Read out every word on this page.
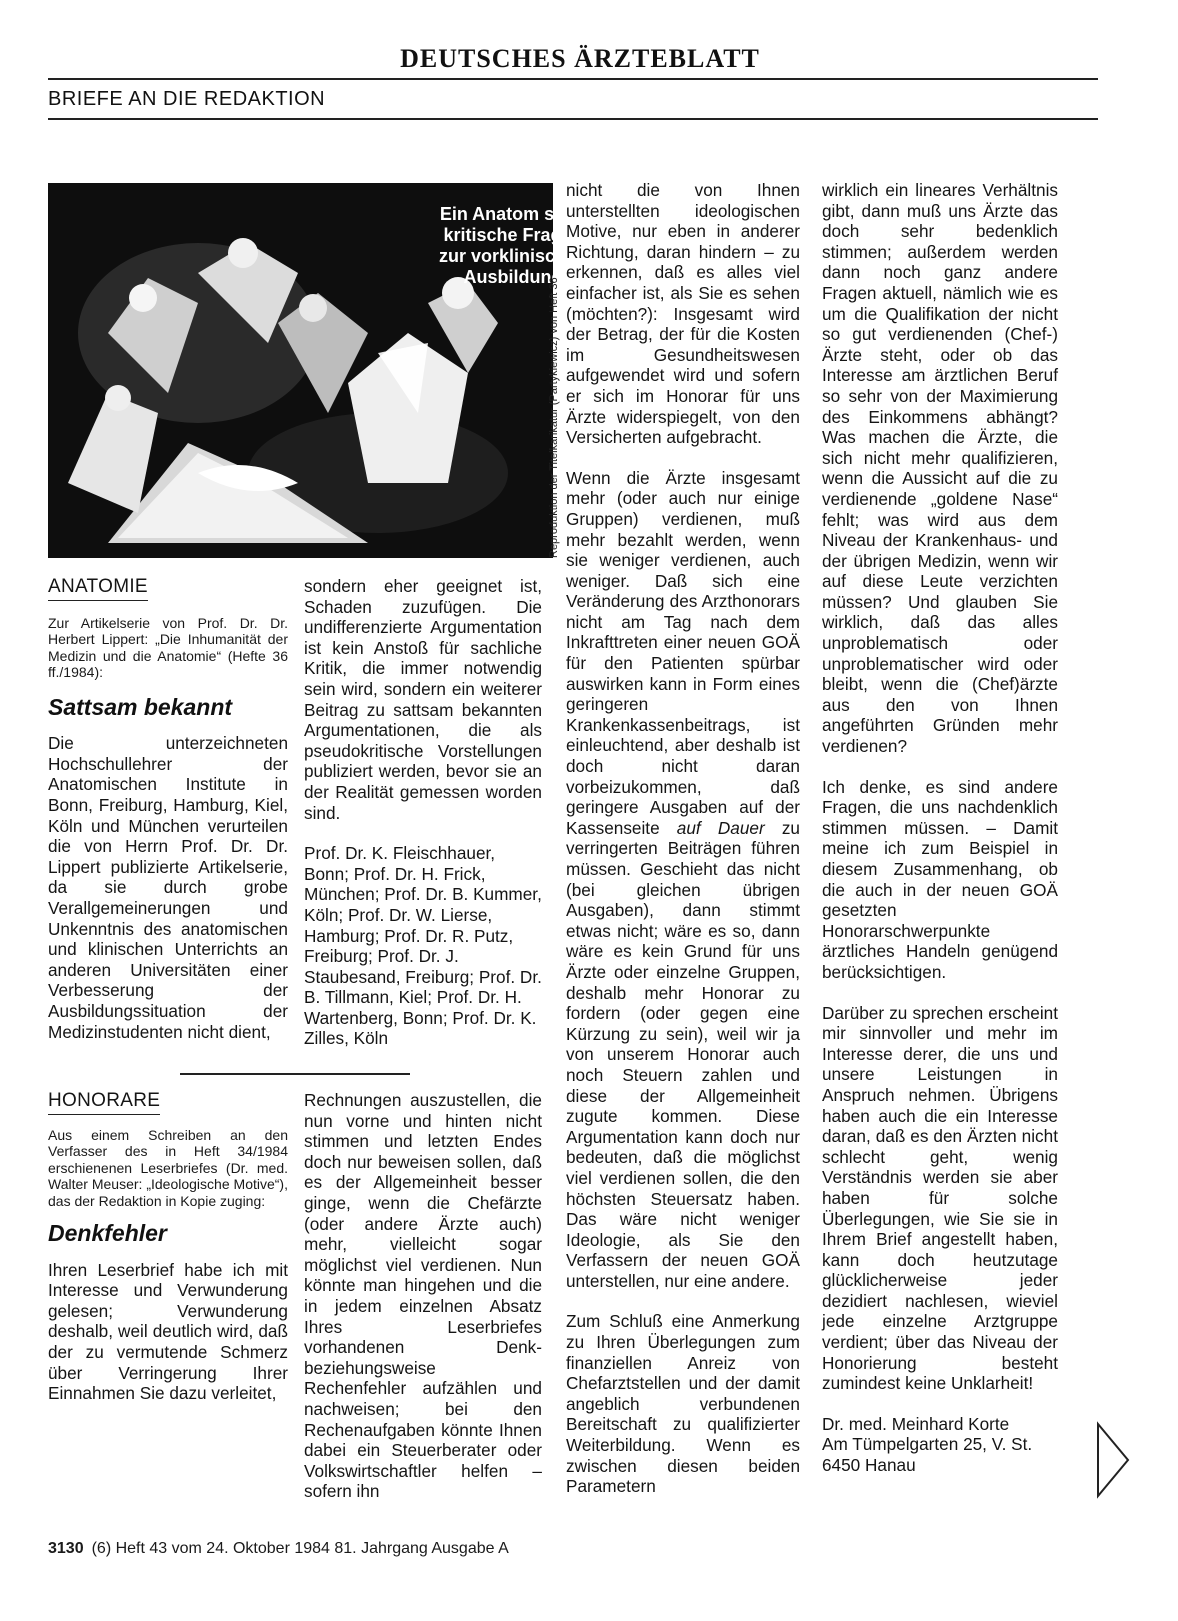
DEUTSCHES ÄRZTEBLATT
BRIEFE AN DIE REDAKTION
Ein Anatom stellt kritische Fragen zur vorklinischen Ausbildung
Reproduktion der Titelkarikatur (Partykiewicz) von Heft 36
ANATOMIE

Zur Artikelserie von Prof. Dr. Dr. Herbert Lippert: „Die Inhumanität der Medizin und die Anatomie“ (Hefte 36 ff./1984):

Sattsam bekannt

Die unterzeichneten Hochschullehrer der Anatomischen Institute in Bonn, Freiburg, Hamburg, Kiel, Köln und München verurteilen die von Herrn Prof. Dr. Dr. Lippert publizierte Artikelserie, da sie durch grobe Verallgemeinerungen und Unkenntnis des anatomischen und klinischen Unterrichts an anderen Universitäten einer Verbesserung der Ausbildungssituation der Medizinstudenten nicht dient,

sondern eher geeignet ist, Schaden zuzufügen. Die undifferenzierte Argumentation ist kein Anstoß für sachliche Kritik, die immer notwendig sein wird, sondern ein weiterer Beitrag zu sattsam bekannten Argumentationen, die als pseudokritische Vorstellungen publiziert werden, bevor sie an der Realität gemessen worden sind.

Prof. Dr. K. Fleischhauer, Bonn; Prof. Dr. H. Frick, München; Prof. Dr. B. Kummer, Köln; Prof. Dr. W. Lierse, Hamburg; Prof. Dr. R. Putz, Freiburg; Prof. Dr. J. Staubesand, Freiburg; Prof. Dr. B. Tillmann, Kiel; Prof. Dr. H. Wartenberg, Bonn; Prof. Dr. K. Zilles, Köln

HONORARE

Aus einem Schreiben an den Verfasser des in Heft 34/1984 erschienenen Leserbriefes (Dr. med. Walter Meuser: „Ideologische Motive“), das der Redaktion in Kopie zuging:

Denkfehler

Ihren Leserbrief habe ich mit Interesse und Verwunderung gelesen; Verwunderung deshalb, weil deutlich wird, daß der zu vermutende Schmerz über Verringerung Ihrer Einnahmen Sie dazu verleitet,

Rechnungen auszustellen, die nun vorne und hinten nicht stimmen und letzten Endes doch nur beweisen sollen, daß es der Allgemeinheit besser ginge, wenn die Chefärzte (oder andere Ärzte auch) mehr, vielleicht sogar möglichst viel verdienen. Nun könnte man hingehen und die in jedem einzelnen Absatz Ihres Leserbriefes vorhandenen Denk- beziehungsweise Rechenfehler aufzählen und nachweisen; bei den Rechenaufgaben könnte Ihnen dabei ein Steuerberater oder Volkswirtschaftler helfen – sofern ihn

nicht die von Ihnen unterstellten ideologischen Motive, nur eben in anderer Richtung, daran hindern – zu erkennen, daß es alles viel einfacher ist, als Sie es sehen (möchten?): Insgesamt wird der Betrag, der für die Kosten im Gesundheitswesen aufgewendet wird und sofern er sich im Honorar für uns Ärzte widerspiegelt, von den Versicherten aufgebracht.

Wenn die Ärzte insgesamt mehr (oder auch nur einige Gruppen) verdienen, muß mehr bezahlt werden, wenn sie weniger verdienen, auch weniger. Daß sich eine Veränderung des Arzthonorars nicht am Tag nach dem Inkrafttreten einer neuen GOÄ für den Patienten spürbar auswirken kann in Form eines geringeren Krankenkassenbeitrags, ist einleuchtend, aber deshalb ist doch nicht daran vorbeizukommen, daß geringere Ausgaben auf der Kassenseite auf Dauer zu verringerten Beiträgen führen müssen. Geschieht das nicht (bei gleichen übrigen Ausgaben), dann stimmt etwas nicht; wäre es so, dann wäre es kein Grund für uns Ärzte oder einzelne Gruppen, deshalb mehr Honorar zu fordern (oder gegen eine Kürzung zu sein), weil wir ja von unserem Honorar auch noch Steuern zahlen und diese der Allgemeinheit zugute kommen. Diese Argumentation kann doch nur bedeuten, daß die möglichst viel verdienen sollen, die den höchsten Steuersatz haben. Das wäre nicht weniger Ideologie, als Sie den Verfassern der neuen GOÄ unterstellen, nur eine andere.

Zum Schluß eine Anmerkung zu Ihren Überlegungen zum finanziellen Anreiz von Chefarztstellen und der damit angeblich verbundenen Bereitschaft zu qualifizierter Weiterbildung. Wenn es zwischen diesen beiden Parametern

wirklich ein lineares Verhältnis gibt, dann muß uns Ärzte das doch sehr bedenklich stimmen; außerdem werden dann noch ganz andere Fragen aktuell, nämlich wie es um die Qualifikation der nicht so gut verdienenden (Chef-) Ärzte steht, oder ob das Interesse am ärztlichen Beruf so sehr von der Maximierung des Einkommens abhängt? Was machen die Ärzte, die sich nicht mehr qualifizieren, wenn die Aussicht auf die zu verdienende „goldene Nase“ fehlt; was wird aus dem Niveau der Krankenhaus- und der übrigen Medizin, wenn wir auf diese Leute verzichten müssen? Und glauben Sie wirklich, daß das alles unproblematisch oder unproblematischer wird oder bleibt, wenn die (Chef)ärzte aus den von Ihnen angeführten Gründen mehr verdienen?

Ich denke, es sind andere Fragen, die uns nachdenklich stimmen müssen. – Damit meine ich zum Beispiel in diesem Zusammenhang, ob die auch in der neuen GOÄ gesetzten Honorarschwerpunkte ärztliches Handeln genügend berücksichtigen.

Darüber zu sprechen erscheint mir sinnvoller und mehr im Interesse derer, die uns und unsere Leistungen in Anspruch nehmen. Übrigens haben auch die ein Interesse daran, daß es den Ärzten nicht schlecht geht, wenig Verständnis werden sie aber haben für solche Überlegungen, wie Sie sie in Ihrem Brief angestellt haben, kann doch heutzutage glücklicherweise jeder dezidiert nachlesen, wieviel jede einzelne Arztgruppe verdient; über das Niveau der Honorierung besteht zumindest keine Unklarheit!

Dr. med. Meinhard Korte
Am Tümpelgarten 25, V. St.
6450 Hanau

3130 (6) Heft 43 vom 24. Oktober 1984 81. Jahrgang Ausgabe A
